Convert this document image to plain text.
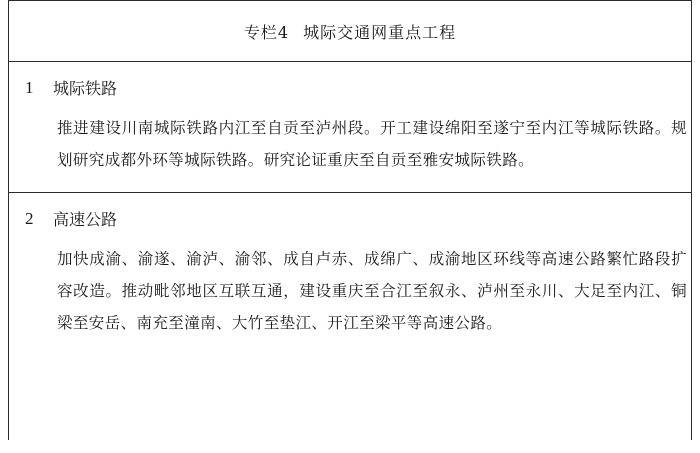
专栏4 城际交通网重点工程
1	城际铁路
推进建设川南城际铁路内江至自贡至泸州段。开工建设绵阳至遂宁至内江等城际铁路。规划研究成都外环等城际铁路。研究论证重庆至自贡至雅安城际铁路。
2	高速公路
加快成渝、渝遂、渝泸、渝邻、成自卢赤、成绵广、成渝地区环线等高速公路繁忙路段扩容改造。推动毗邻地区互联互通，建设重庆至合江至叙永、泸州至永川、大足至内江、铜梁至安岳、南充至潼南、大竹至垫江、开江至梁平等高速公路。
